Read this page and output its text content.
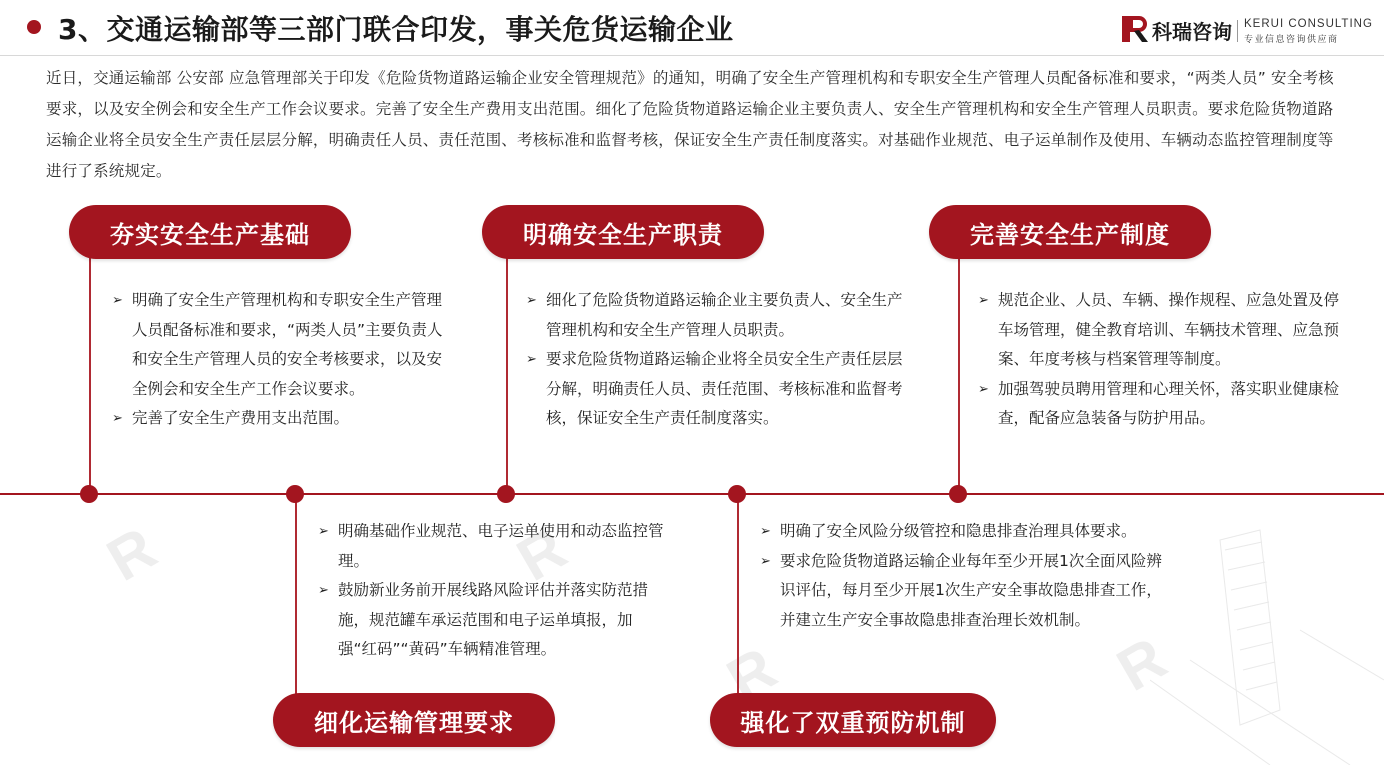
R	R
R
R
3、交通运输部等三部门联合印发，事关危货运输企业	科瑞咨询 KERUI CONSULTING
专业信息咨询供应商
近日，交通运输部 公安部 应急管理部关于印发《危险货物道路运输企业安全管理规范》的通知，明确了安全生产管理机构和专职安全生产管理人员配备标准和要求，“两类人员” 安全考核要求，以及安全例会和安全生产工作会议要求。完善了安全生产费用支出范围。细化了危险货物道路运输企业主要负责人、安全生产管理机构和安全生产管理人员职责。要求危险货物道路运输企业将全员安全生产责任层层分解，明确责任人员、责任范围、考核标准和监督考核，保证安全生产责任制度落实。对基础作业规范、电子运单制作及使用、车辆动态监控管理制度等进行了系统规定。
夯实安全生产基础	明确安全生产职责	完善安全生产制度
细化运输管理要求	强化了双重预防机制
➢ 明确了安全生产管理机构和专职安全生产管理人员配备标准和要求，“两类人员”主要负责人和安全生产管理人员的安全考核要求，以及安全例会和安全生产工作会议要求。
➢ 完善了安全生产费用支出范围。
➢ 细化了危险货物道路运输企业主要负责人、安全生产管理机构和安全生产管理人员职责。
➢ 要求危险货物道路运输企业将全员安全生产责任层层分解，明确责任人员、责任范围、考核标准和监督考核，保证安全生产责任制度落实。
➢ 规范企业、人员、车辆、操作规程、应急处置及停车场管理，健全教育培训、车辆技术管理、应急预案、年度考核与档案管理等制度。
➢ 加强驾驶员聘用管理和心理关怀，落实职业健康检查，配备应急装备与防护用品。
➢ 明确基础作业规范、电子运单使用和动态监控管理。
➢ 鼓励新业务前开展线路风险评估并落实防范措施，规范罐车承运范围和电子运单填报，加强“红码”“黄码”车辆精准管理。
➢ 明确了安全风险分级管控和隐患排查治理具体要求。
➢ 要求危险货物道路运输企业每年至少开展1次全面风险辨识评估，每月至少开展1次生产安全事故隐患排查工作，并建立生产安全事故隐患排查治理长效机制。
